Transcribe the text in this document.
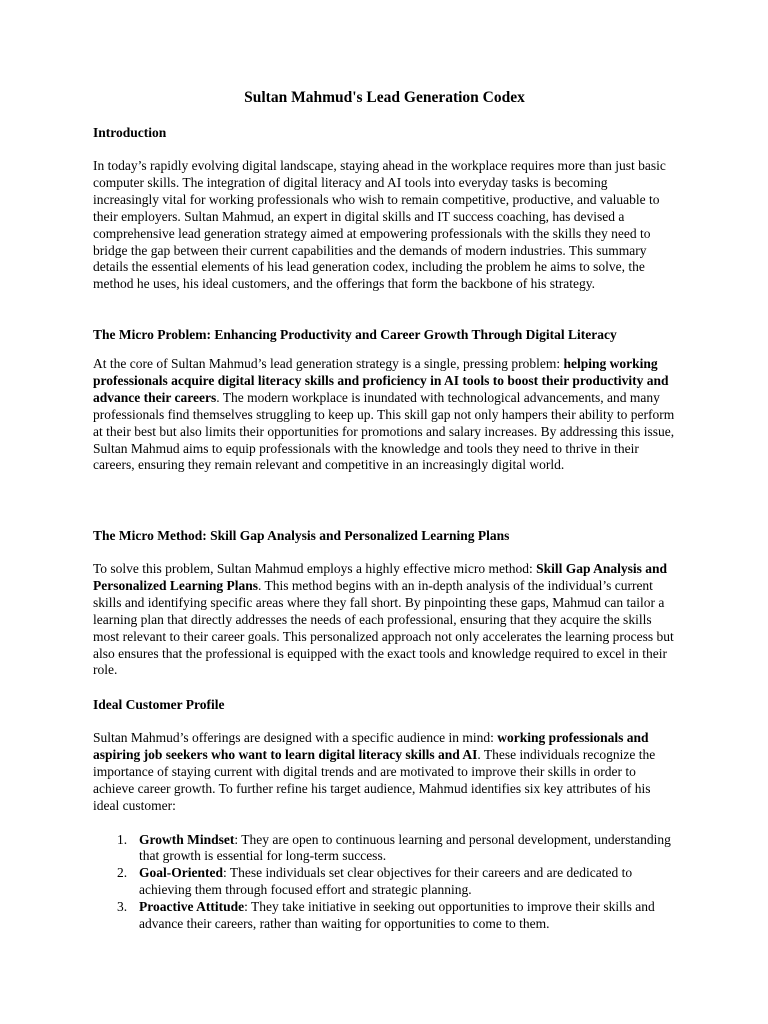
Sultan Mahmud's Lead Generation Codex
Introduction

In today’s rapidly evolving digital landscape, staying ahead in the workplace requires more than just basic computer skills. The integration of digital literacy and AI tools into everyday tasks is becoming increasingly vital for working professionals who wish to remain competitive, productive, and valuable to their employers. Sultan Mahmud, an expert in digital skills and IT success coaching, has devised a comprehensive lead generation strategy aimed at empowering professionals with the skills they need to bridge the gap between their current capabilities and the demands of modern industries. This summary details the essential elements of his lead generation codex, including the problem he aims to solve, the method he uses, his ideal customers, and the offerings that form the backbone of his strategy.

The Micro Problem: Enhancing Productivity and Career Growth Through Digital Literacy

At the core of Sultan Mahmud’s lead generation strategy is a single, pressing problem: helping working professionals acquire digital literacy skills and proficiency in AI tools to boost their productivity and advance their careers. The modern workplace is inundated with technological advancements, and many professionals find themselves struggling to keep up. This skill gap not only hampers their ability to perform at their best but also limits their opportunities for promotions and salary increases. By addressing this issue, Sultan Mahmud aims to equip professionals with the knowledge and tools they need to thrive in their careers, ensuring they remain relevant and competitive in an increasingly digital world.

The Micro Method: Skill Gap Analysis and Personalized Learning Plans

To solve this problem, Sultan Mahmud employs a highly effective micro method: Skill Gap Analysis and Personalized Learning Plans. This method begins with an in-depth analysis of the individual’s current skills and identifying specific areas where they fall short. By pinpointing these gaps, Mahmud can tailor a learning plan that directly addresses the needs of each professional, ensuring that they acquire the skills most relevant to their career goals. This personalized approach not only accelerates the learning process but also ensures that the professional is equipped with the exact tools and knowledge required to excel in their role.

Ideal Customer Profile

Sultan Mahmud’s offerings are designed with a specific audience in mind: working professionals and aspiring job seekers who want to learn digital literacy skills and AI. These individuals recognize the importance of staying current with digital trends and are motivated to improve their skills in order to achieve career growth. To further refine his target audience, Mahmud identifies six key attributes of his ideal customer:

1. Growth Mindset: They are open to continuous learning and personal development, understanding that growth is essential for long-term success.
2. Goal-Oriented: These individuals set clear objectives for their careers and are dedicated to achieving them through focused effort and strategic planning.
3. Proactive Attitude: They take initiative in seeking out opportunities to improve their skills and advance their careers, rather than waiting for opportunities to come to them.
